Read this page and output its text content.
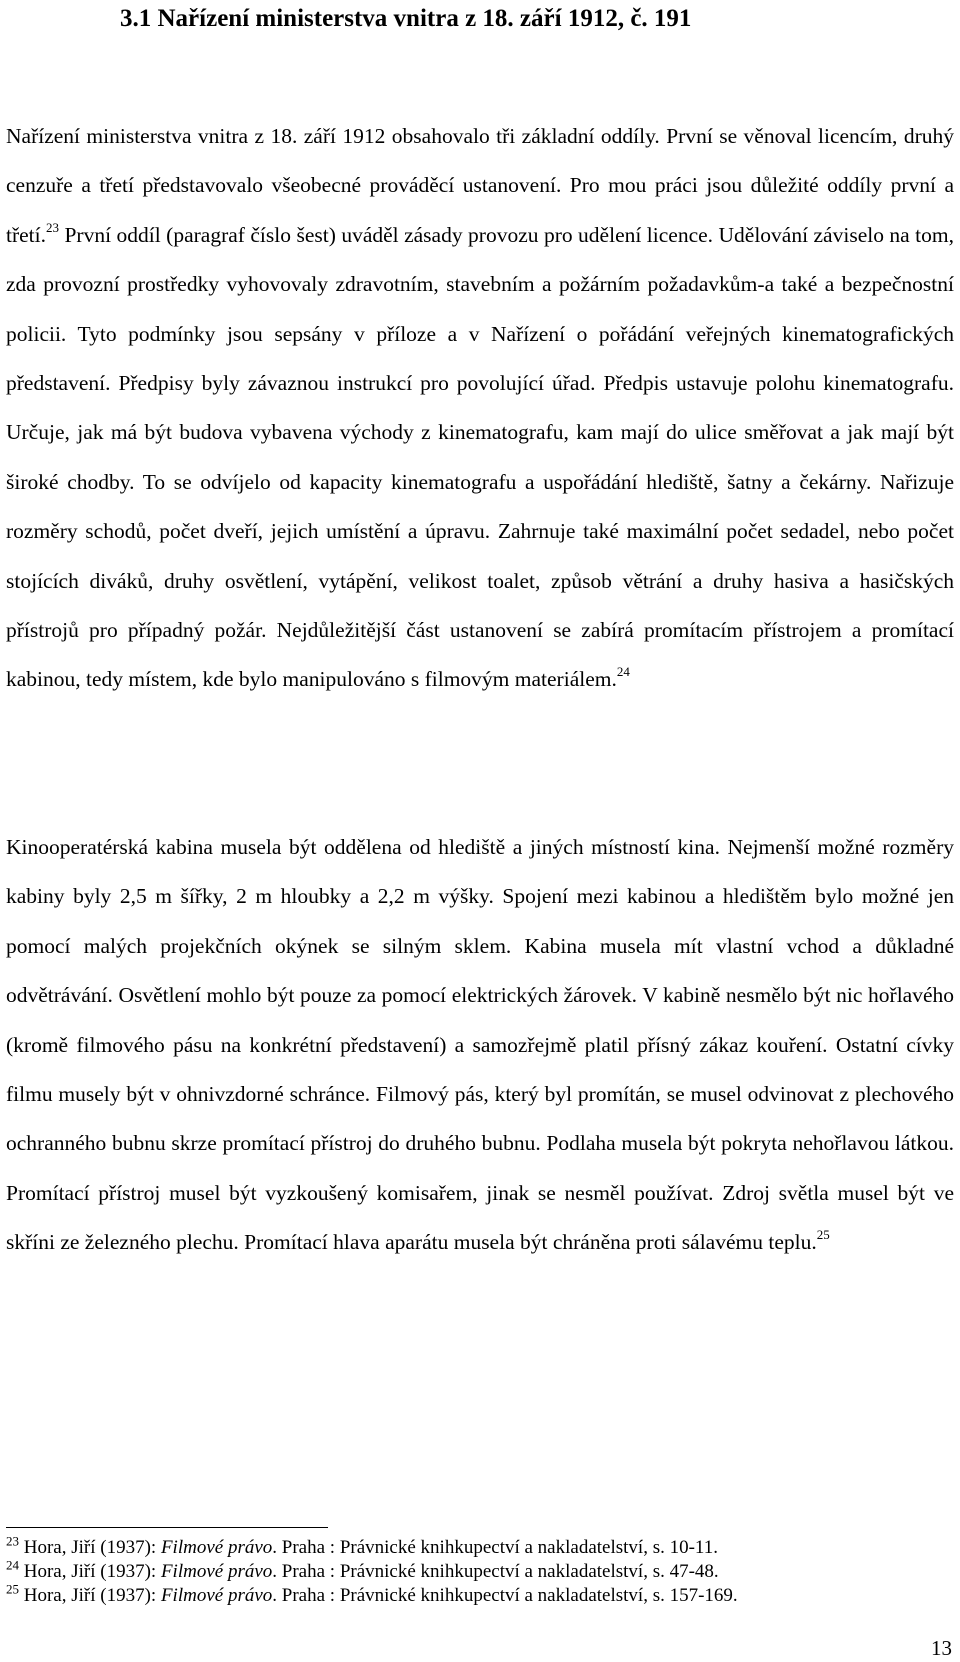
3.1 Nařízení ministerstva vnitra z 18. září 1912, č. 191

Nařízení ministerstva vnitra z 18. září 1912 obsahovalo tři základní oddíly. První se věnoval licencím, druhý cenzuře a třetí představovalo všeobecné prováděcí ustanovení. Pro mou práci jsou důležité oddíly první a třetí.$^{23}$ První oddíl (paragraf číslo šest) uváděl zásady provozu pro udělení licence. Udělování záviselo na tom, zda provozní prostředky vyhovovaly zdravotním, stavebním a požárním požadavkům-a také a bezpečnostní policii. Tyto podmínky jsou sepsány v příloze a v Nařízení o pořádání veřejných kinematografických představení. Předpisy byly závaznou instrukcí pro povolující úřad. Předpis ustavuje polohu kinematografu. Určuje, jak má být budova vybavena východy z kinematografu, kam mají do ulice směřovat a jak mají být široké chodby. To se odvíjelo od kapacity kinematografu a uspořádání hlediště, šatny a čekárny. Nařizuje rozměry schodů, počet dveří, jejich umístění a úpravu. Zahrnuje také maximální počet sedadel, nebo počet stojících diváků, druhy osvětlení, vytápění, velikost toalet, způsob větrání a druhy hasiva a hasičských přístrojů pro případný požár. Nejdůležitější část ustanovení se zabírá promítacím přístrojem a promítací kabinou, tedy místem, kde bylo manipulováno s filmovým materiálem.$^{24}$

Kinooperatérská kabina musela být oddělena od hlediště a jiných místností kina. Nejmenší možné rozměry kabiny byly 2,5 m šířky, 2 m hloubky a 2,2 m výšky. Spojení mezi kabinou a hledištěm bylo možné jen pomocí malých projekčních okýnek se silným sklem. Kabina musela mít vlastní vchod a důkladné odvětrávání. Osvětlení mohlo být pouze za pomocí elektrických žárovek. V kabině nesmělo být nic hořlavého (kromě filmového pásu na konkrétní představení) a samozřejmě platil přísný zákaz kouření. Ostatní cívky filmu musely být v ohnivzdorné schránce. Filmový pás, který byl promítán, se musel odvinovat z plechového ochranného bubnu skrze promítací přístroj do druhého bubnu. Podlaha musela být pokryta nehořlavou látkou. Promítací přístroj musel být vyzkoušený komisařem, jinak se nesměl používat. Zdroj světla musel být ve skříni ze železného plechu. Promítací hlava aparátu musela být chráněna proti sálavému teplu.$^{25}$

$^{23}$ Hora, Jiří (1937): Filmové právo. Praha : Právnické knihkupectví a nakladatelství, s. 10-11.
$^{24}$ Hora, Jiří (1937): Filmové právo. Praha : Právnické knihkupectví a nakladatelství, s. 47-48.
$^{25}$ Hora, Jiří (1937): Filmové právo. Praha : Právnické knihkupectví a nakladatelství, s. 157-169.
13
